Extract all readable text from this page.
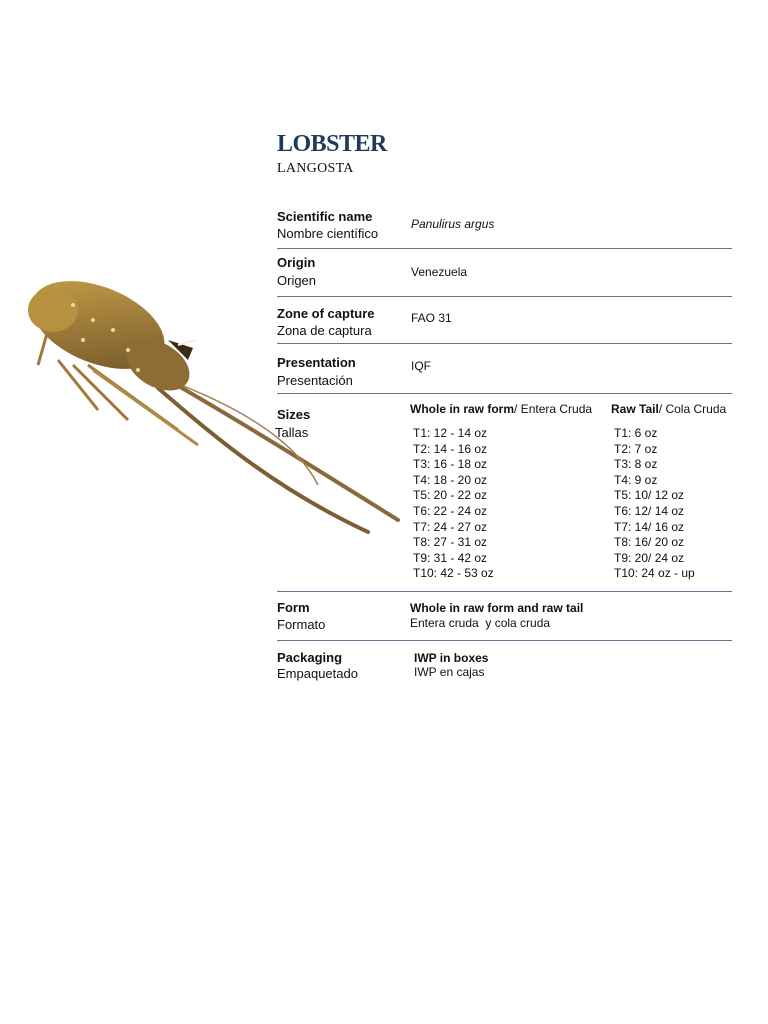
LOBSTER
LANGOSTA
Scientific name
Nombre científico
Panulirus argus
Origin
Origen
Venezuela
Zone of capture
Zona de captura
FAO 31
Presentation
Presentación
IQF
Sizes
Tallas
Whole in raw form/ Entera Cruda Raw Tail/ Cola Cruda
T1: 12 - 14 oz
T2: 14 - 16 oz
T3: 16 - 18 oz
T4: 18 - 20 oz
T5: 20 - 22 oz
T6: 22 - 24 oz
T7: 24 - 27 oz
T8: 27 - 31 oz
T9: 31 - 42 oz
T10: 42 - 53 oz
T1: 6 oz
T2: 7 oz
T3: 8 oz
T4: 9 oz
T5: 10/ 12 oz
T6: 12/ 14 oz
T7: 14/ 16 oz
T8: 16/ 20 oz
T9: 20/ 24 oz
T10: 24 oz - up
Form
Formato
Whole in raw form and raw tail
Entera cruda  y cola cruda
Packaging
Empaquetado
IWP in boxes
IWP en cajas
